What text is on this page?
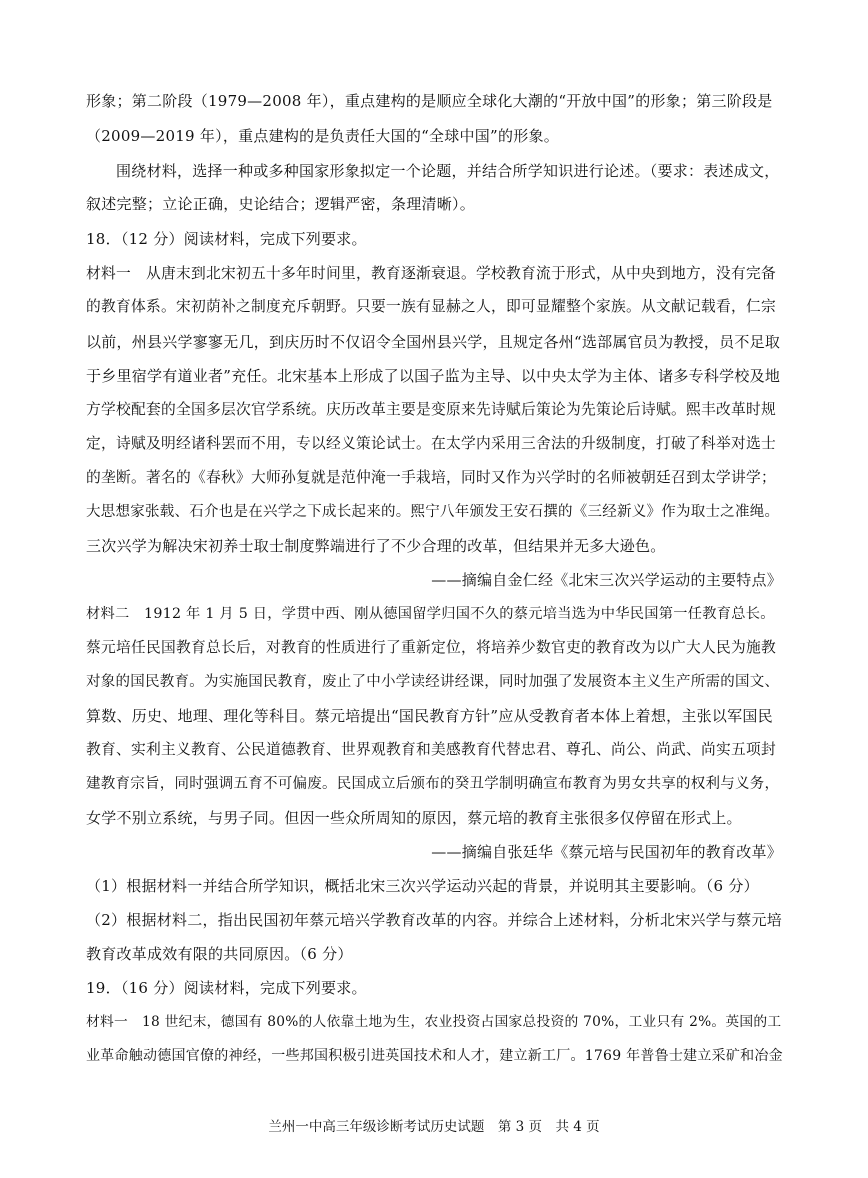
形象；第二阶段（1979—2008 年），重点建构的是顺应全球化大潮的“开放中国”的形象；第三阶段是
（2009—2019 年），重点建构的是负责任大国的“全球中国”的形象。
围绕材料，选择一种或多种国家形象拟定一个论题，并结合所学知识进行论述。（要求：表述成文，
叙述完整；立论正确，史论结合；逻辑严密，条理清晰）。
18．（12 分）阅读材料，完成下列要求。
材料一　从唐末到北宋初五十多年时间里，教育逐渐衰退。学校教育流于形式，从中央到地方，没有完备
的教育体系。宋初荫补之制度充斥朝野。只要一族有显赫之人，即可显耀整个家族。从文献记载看，仁宗
以前，州县兴学寥寥无几，到庆历时不仅诏令全国州县兴学，且规定各州“选部属官员为教授，员不足取
于乡里宿学有道业者”充任。北宋基本上形成了以国子监为主导、以中央太学为主体、诸多专科学校及地
方学校配套的全国多层次官学系统。庆历改革主要是变原来先诗赋后策论为先策论后诗赋。熙丰改革时规
定，诗赋及明经诸科罢而不用，专以经义策论试士。在太学内采用三舍法的升级制度，打破了科举对选士
的垄断。著名的《春秋》大师孙复就是范仲淹一手栽培，同时又作为兴学时的名师被朝廷召到太学讲学；
大思想家张载、石介也是在兴学之下成长起来的。熙宁八年颁发王安石撰的《三经新义》作为取士之准绳。
三次兴学为解决宋初养士取士制度弊端进行了不少合理的改革，但结果并无多大逊色。
——摘编自金仁经《北宋三次兴学运动的主要特点》
材料二　1912 年 1 月 5 日，学贯中西、刚从德国留学归国不久的蔡元培当选为中华民国第一任教育总长。
蔡元培任民国教育总长后，对教育的性质进行了重新定位，将培养少数官吏的教育改为以广大人民为施教
对象的国民教育。为实施国民教育，废止了中小学读经讲经课，同时加强了发展资本主义生产所需的国文、
算数、历史、地理、理化等科目。蔡元培提出“国民教育方针”应从受教育者本体上着想，主张以军国民
教育、实利主义教育、公民道德教育、世界观教育和美感教育代替忠君、尊孔、尚公、尚武、尚实五项封
建教育宗旨，同时强调五育不可偏废。民国成立后颁布的癸丑学制明确宣布教育为男女共享的权利与义务，
女学不别立系统，与男子同。但因一些众所周知的原因，蔡元培的教育主张很多仅停留在形式上。
——摘编自张廷华《蔡元培与民国初年的教育改革》
（1）根据材料一并结合所学知识，概括北宋三次兴学运动兴起的背景，并说明其主要影响。（6 分）
（2）根据材料二，指出民国初年蔡元培兴学教育改革的内容。并综合上述材料，分析北宋兴学与蔡元培
教育改革成效有限的共同原因。（6 分）
19．（16 分）阅读材料，完成下列要求。
材料一　18 世纪末，德国有 80%的人依靠土地为生，农业投资占国家总投资的 70%，工业只有 2%。英国的工
业革命触动德国官僚的神经，一些邦国积极引进英国技术和人才，建立新工厂。1769 年普鲁士建立采矿和冶金
兰州一中高三年级诊断考试历史试题　第 3 页　共 4 页
